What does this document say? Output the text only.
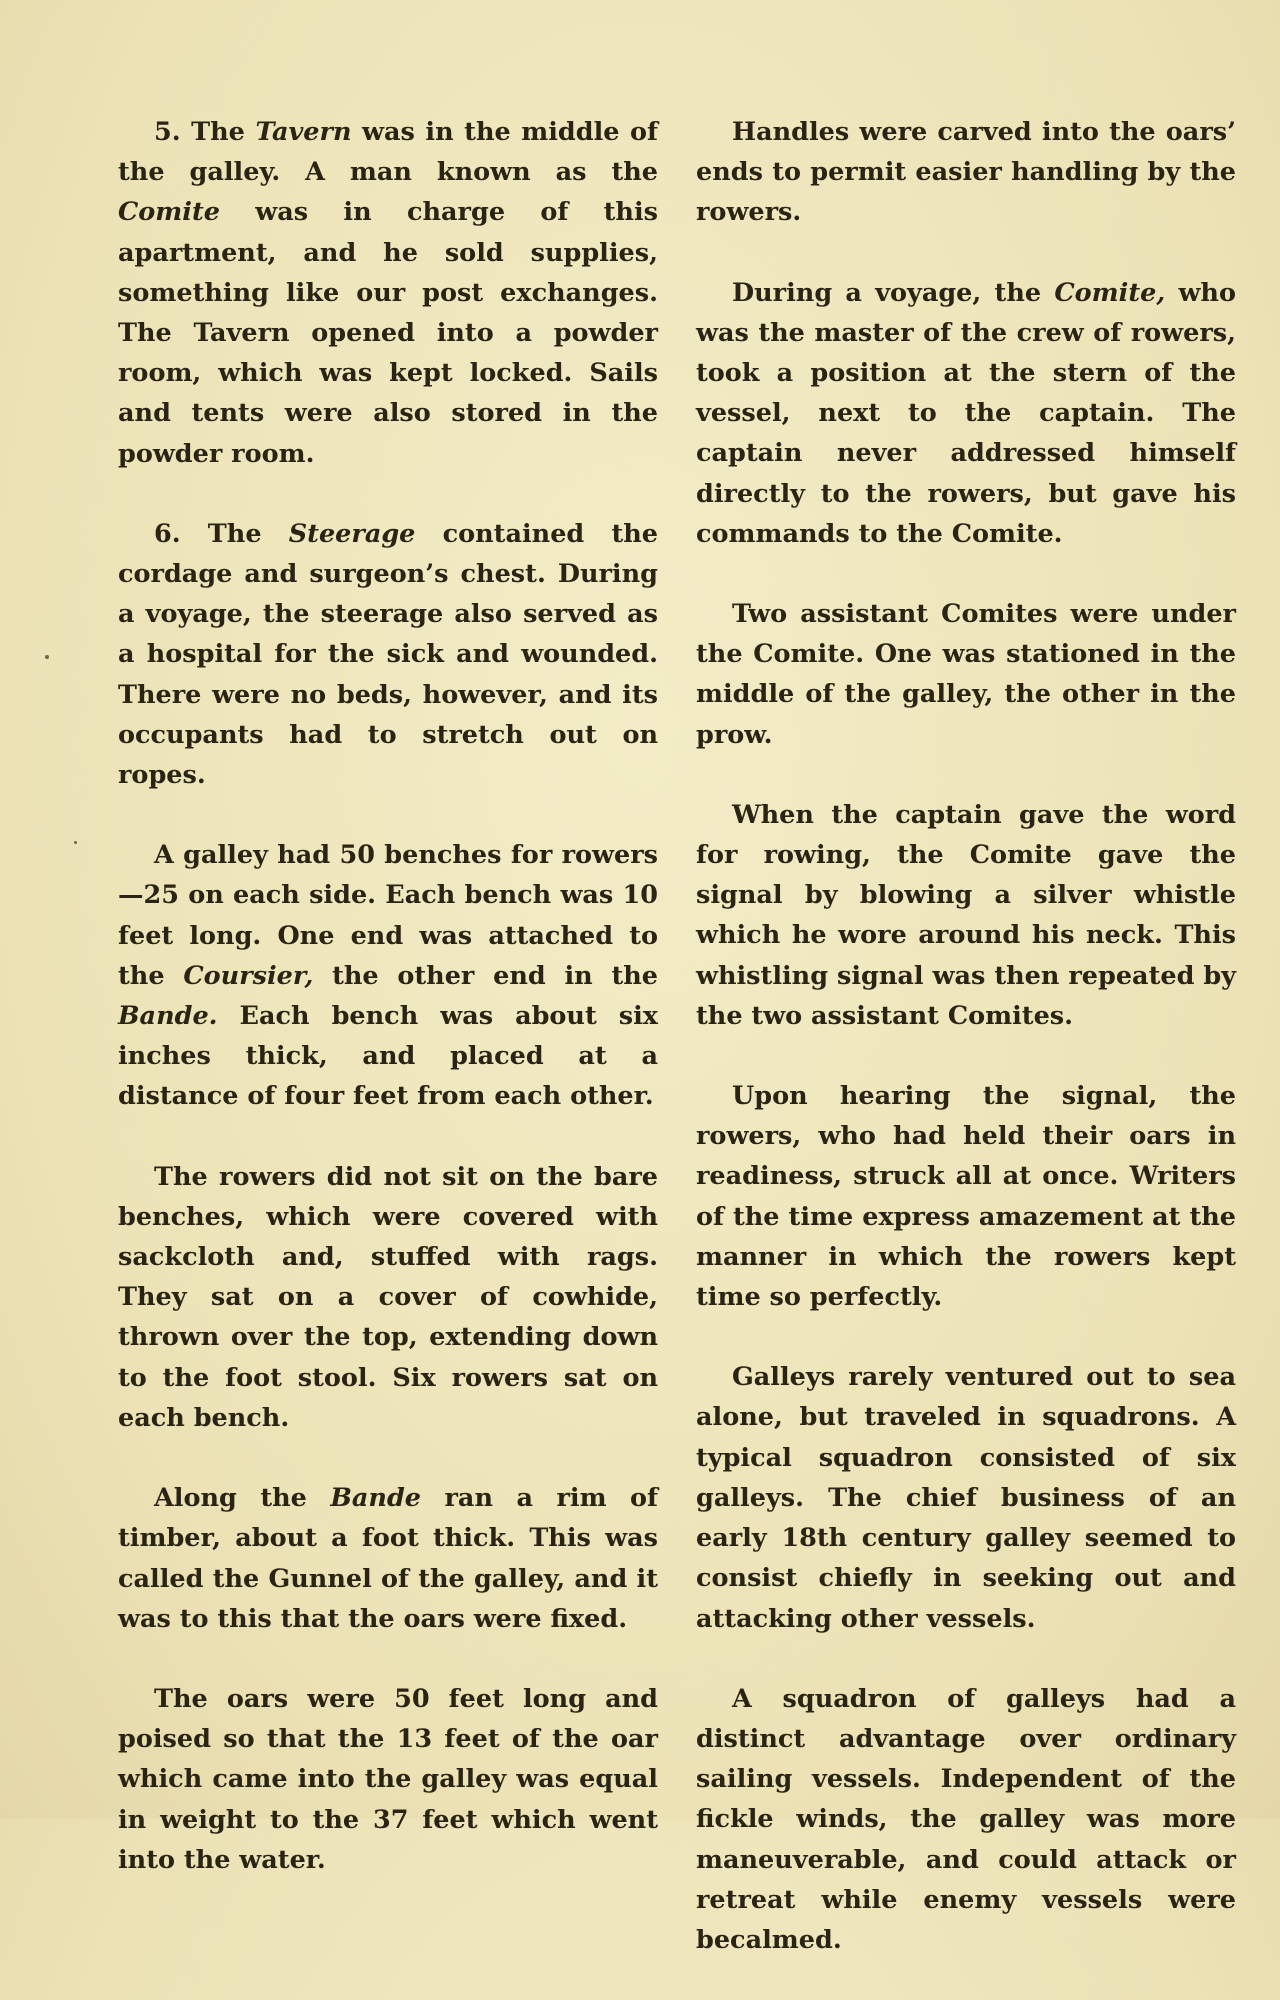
5. The Tavern was in the middle of the galley. A man known as the Comite was in charge of this apartment, and he sold supplies, something like our post exchanges. The Tavern opened into a powder room, which was kept locked. Sails and tents were also stored in the powder room.

6. The Steerage contained the cordage and surgeon’s chest. During a voyage, the steerage also served as a hospital for the sick and wounded. There were no beds, however, and its occupants had to stretch out on ropes.

A galley had 50 benches for rowers —25 on each side. Each bench was 10 feet long. One end was attached to the Coursier, the other end in the Bande. Each bench was about six inches thick, and placed at a distance of four feet from each other.

The rowers did not sit on the bare benches, which were covered with sackcloth and, stuffed with rags. They sat on a cover of cowhide, thrown over the top, extending down to the foot stool. Six rowers sat on each bench.

Along the Bande ran a rim of timber, about a foot thick. This was called the Gunnel of the galley, and it was to this that the oars were fixed.

The oars were 50 feet long and poised so that the 13 feet of the oar which came into the galley was equal in weight to the 37 feet which went into the water.

Handles were carved into the oars’ ends to permit easier handling by the rowers.

During a voyage, the Comite, who was the master of the crew of rowers, took a position at the stern of the vessel, next to the captain. The captain never addressed himself directly to the rowers, but gave his commands to the Comite.

Two assistant Comites were under the Comite. One was stationed in the middle of the galley, the other in the prow.

When the captain gave the word for rowing, the Comite gave the signal by blowing a silver whistle which he wore around his neck. This whistling signal was then repeated by the two assistant Comites.

Upon hearing the signal, the rowers, who had held their oars in readiness, struck all at once. Writers of the time express amazement at the manner in which the rowers kept time so perfectly.

Galleys rarely ventured out to sea alone, but traveled in squadrons. A typical squadron consisted of six galleys. The chief business of an early 18th century galley seemed to consist chiefly in seeking out and attacking other vessels.

A squadron of galleys had a distinct advantage over ordinary sailing vessels. Independent of the fickle winds, the galley was more maneuverable, and could attack or retreat while enemy vessels were becalmed.
